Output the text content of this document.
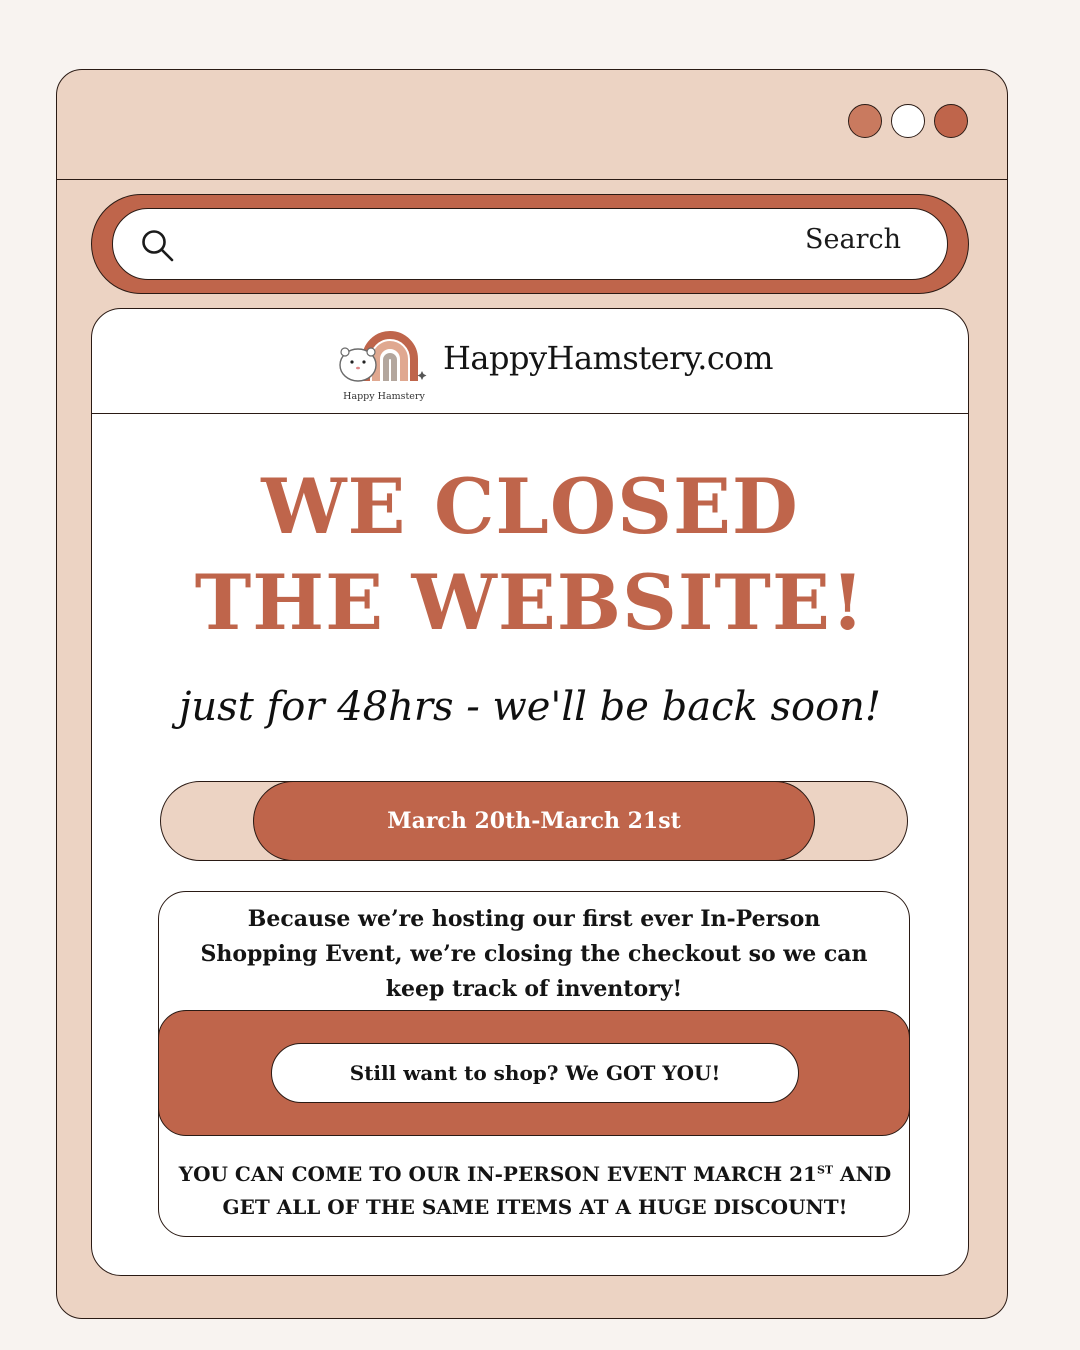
Search
Happy Hamstery
HappyHamstery.com
WE CLOSED
THE WEBSITE!
just for 48hrs - we'll be back soon!
March 20th-March 21st
Because we’re hosting our first ever In-Person Shopping Event, we’re closing the checkout so we can keep track of inventory!
Still want to shop? We GOT YOU!
YOU CAN COME TO OUR IN-PERSON EVENT MARCH 21ST AND GET ALL OF THE SAME ITEMS AT A HUGE DISCOUNT!
